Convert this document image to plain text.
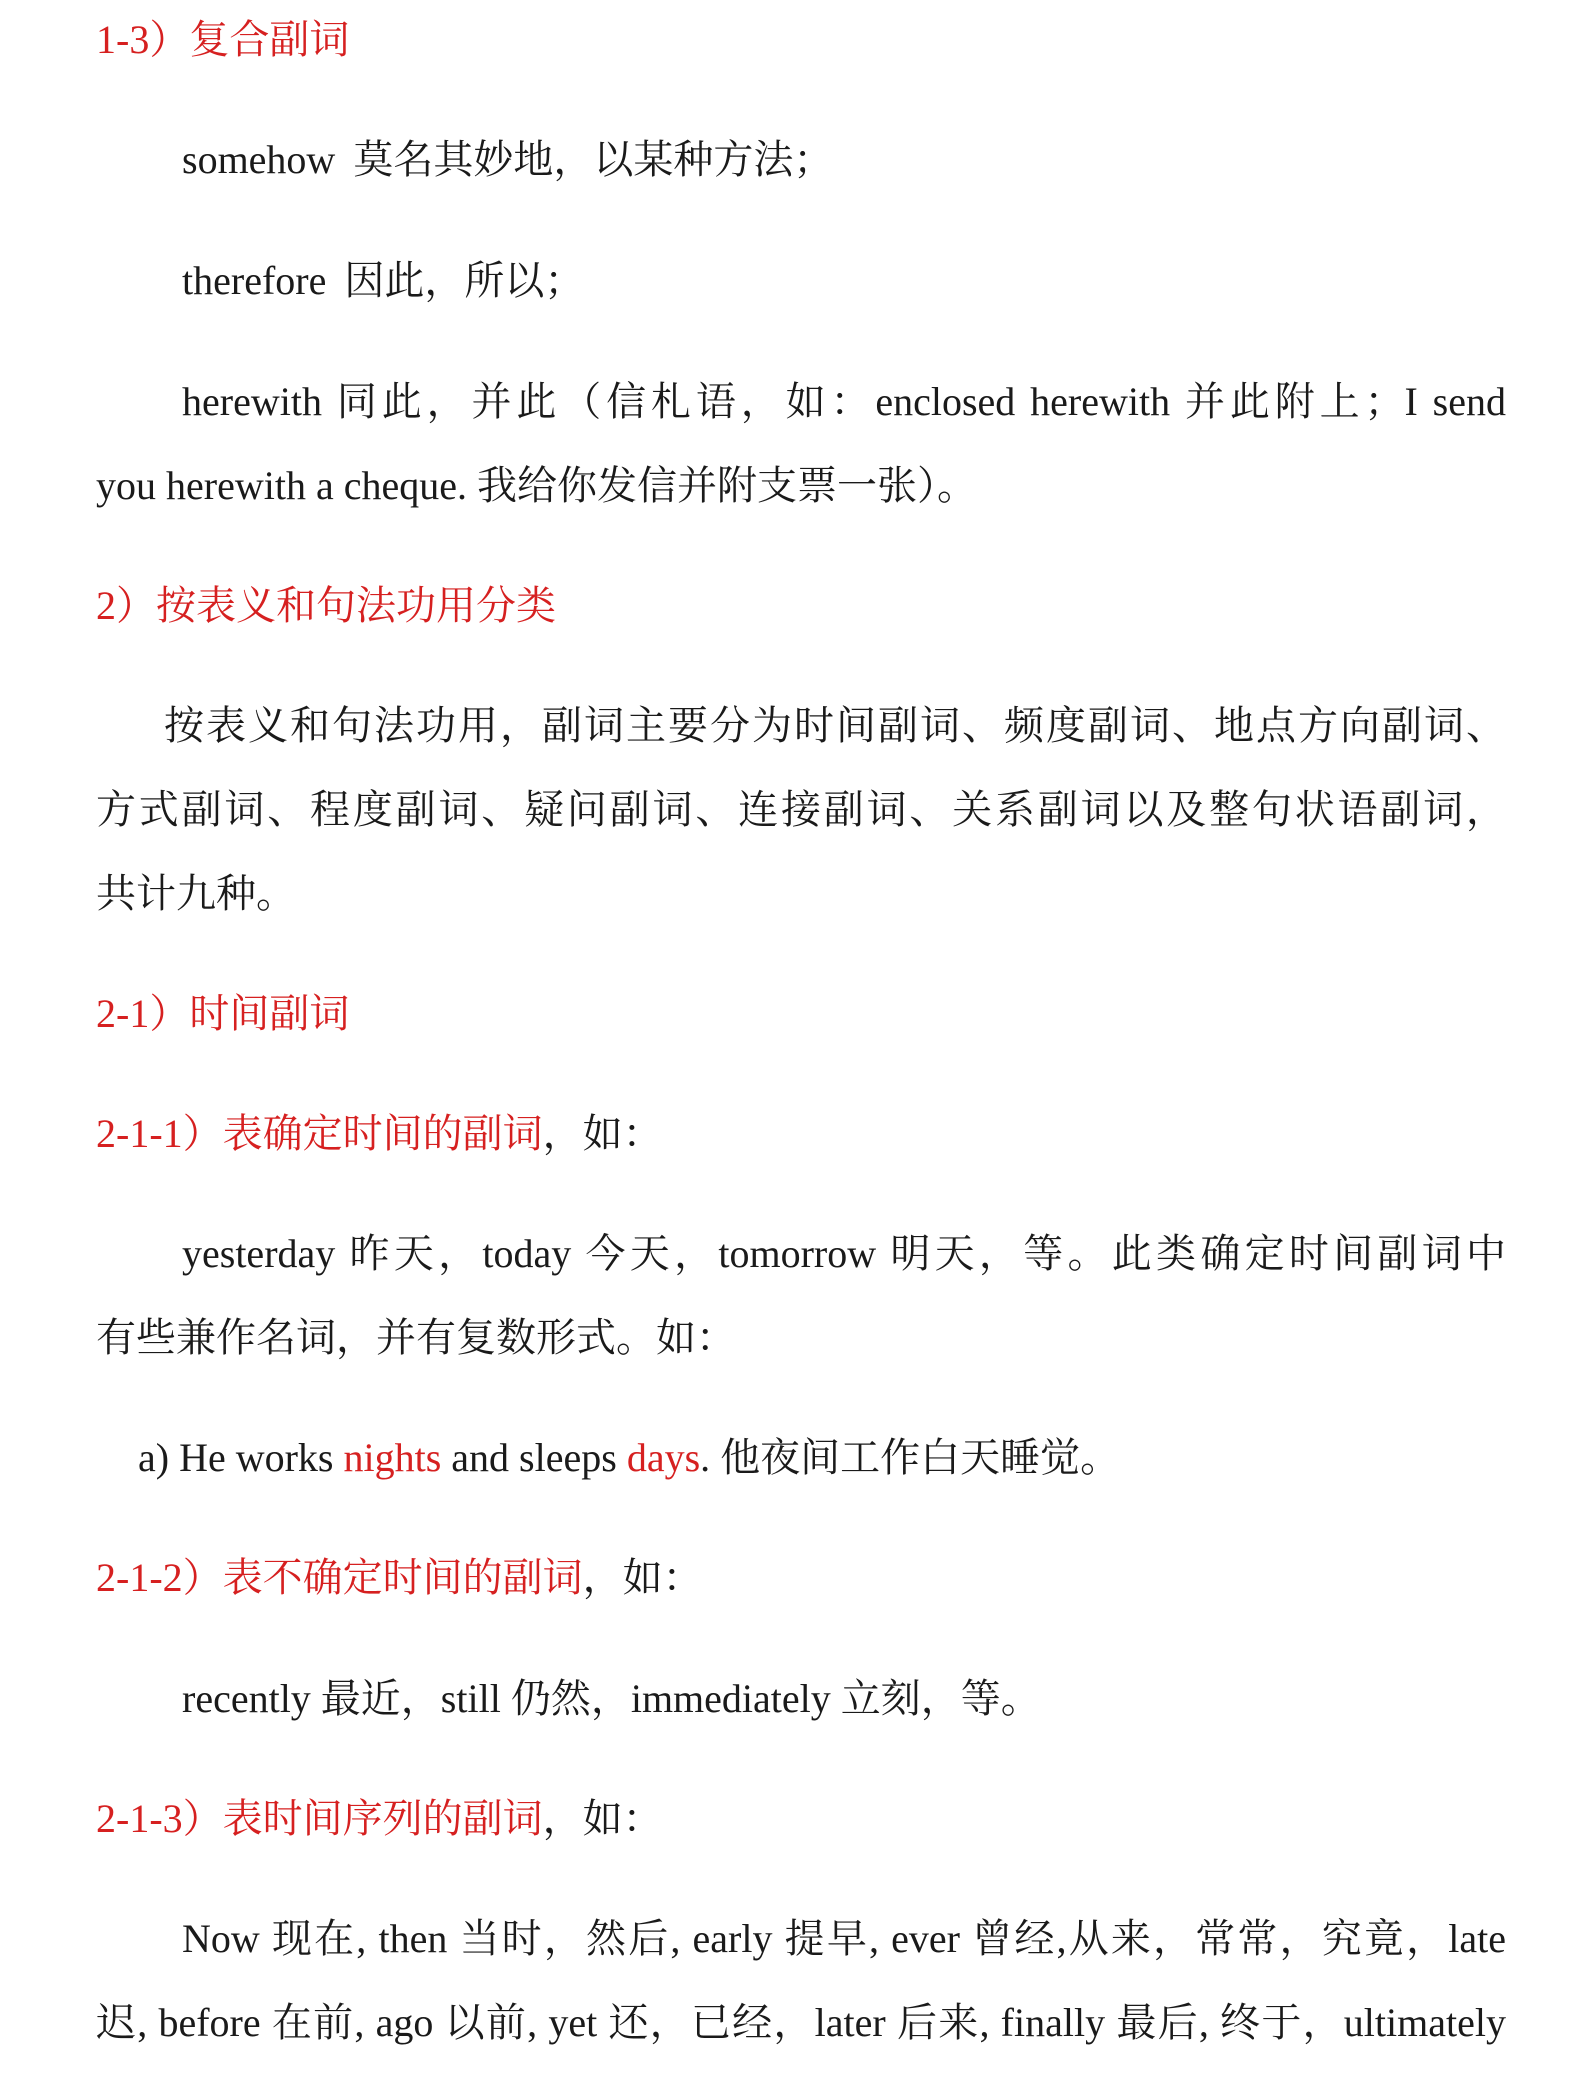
1-3）复合副词
somehow 莫名其妙地，以某种方法；
therefore 因此，所以；
herewith 同此，并此（信札语，如：enclosed herewith 并此附上；I send
you herewith a cheque. 我给你发信并附支票一张）。
2）按表义和句法功用分类
按表义和句法功用，副词主要分为时间副词、频度副词、地点方向副词、
方式副词、程度副词、疑问副词、连接副词、关系副词以及整句状语副词，
共计九种。
2-1）时间副词
2-1-1）表确定时间的副词，如：
yesterday 昨天，today 今天，tomorrow 明天，等。此类确定时间副词中
有些兼作名词，并有复数形式。如：
a) He works nights and sleeps days. 他夜间工作白天睡觉。
2-1-2）表不确定时间的副词，如：
recently 最近，still 仍然，immediately 立刻，等。
2-1-3）表时间序列的副词，如：
Now 现在, then 当时，然后, early 提早, ever 曾经,从来，常常，究竟，late
迟, before 在前, ago 以前, yet 还，已经，later 后来, finally 最后, 终于，ultimately
